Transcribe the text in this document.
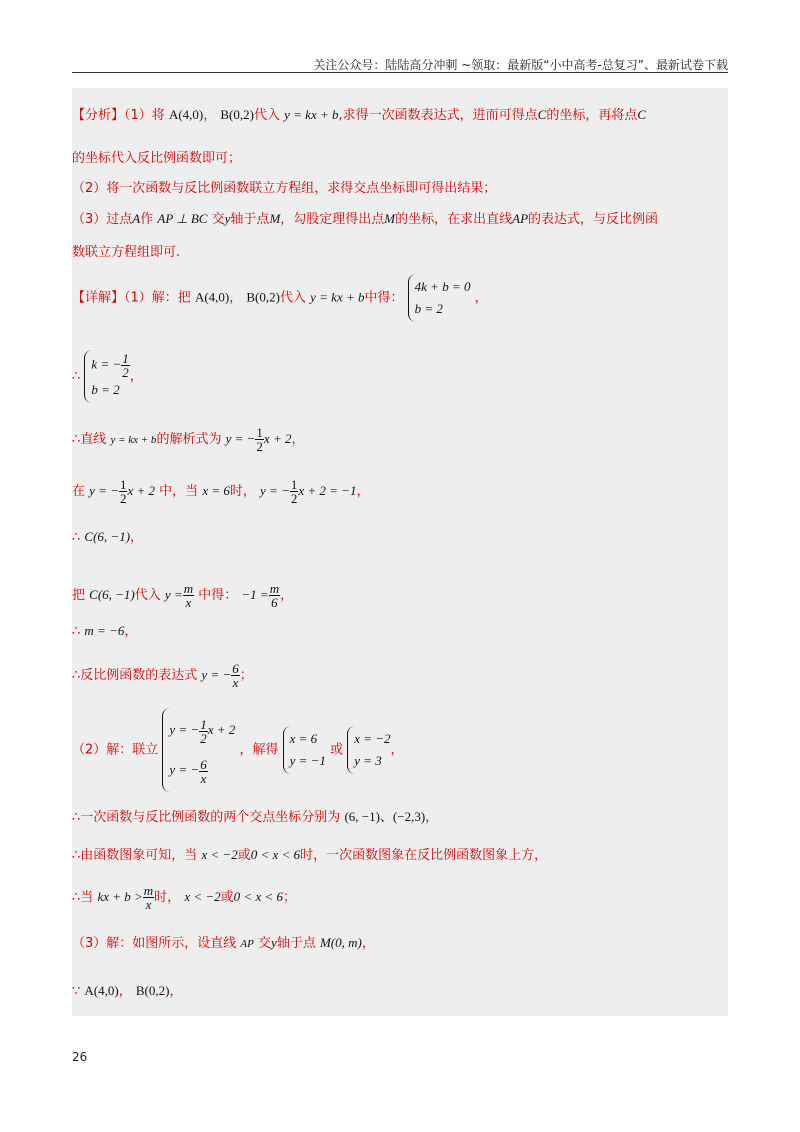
关注公众号：陆陆高分冲刺 ~领取：最新版“小中高考-总复习”、最新试卷下载
【分析】（1）将 A(4,0)， B(0,2)代入 y = kx + b,求得一次函数表达式，进而可得点C的坐标，再将点C
的坐标代入反比例函数即可；
（2）将一次函数与反比例函数联立方程组，求得交点坐标即可得出结果；
（3）过点A作 AP ⊥ BC 交y轴于点M，勾股定理得出点M的坐标，在求出直线AP的表达式，与反比例函
数联立方程组即可.
【详解】（1）解：把 A(4,0)， B(0,2)代入 y = kx + b中得：
4k + b = 0
b = 2
，
∴
k = − $\frac{1}{2}$
b = 2
，
∴直线 y = kx + b的解析式为 y = − $\frac{1}{2}$ x + 2，
在 y = − $\frac{1}{2}$ x + 2 中，当 x = 6时， y = − $\frac{1}{2}$ x + 2 = −1，
∴ C(6, −1)，
把 C(6, −1)代入 $y = \frac{m}{x}$ 中得： $-1 = \frac{m}{6}$ ，
∴ m = −6，
∴反比例函数的表达式 y = − $\frac{6}{x}$ ；
（2）解：联立
y = − $\frac{1}{2}$ x + 2
y = − $\frac{6}{x}$
，解得
x = 6
y = −1
或
x = −2
y = 3
，
∴一次函数与反比例函数的两个交点坐标分别为 (6, −1)、(−2,3)，
∴由函数图象可知，当 x < −2或0 < x < 6时，一次函数图象在反比例函数图象上方，
∴当 kx + $b > \frac{m}{x}$ 时， x < −2或0 < x < 6；
（3）解：如图所示，设直线 AP 交y轴于点 M(0, m)，
∵ A(4,0)， B(0,2)，
26
